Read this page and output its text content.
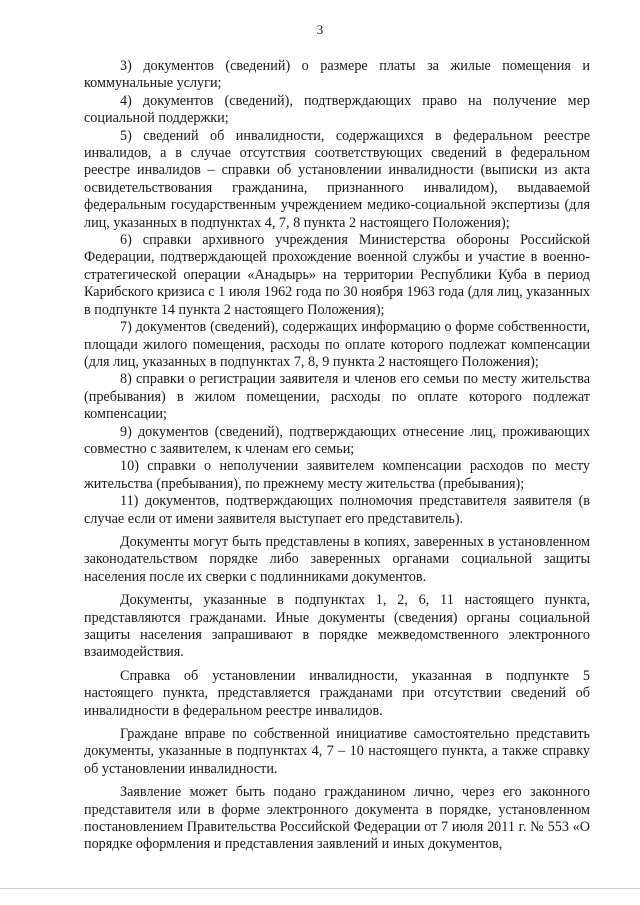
3

3) документов (сведений) о размере платы за жилые помещения и коммунальные услуги;

4) документов (сведений), подтверждающих право на получение мер социальной поддержки;

5) сведений об инвалидности, содержащихся в федеральном реестре инвалидов, а в случае отсутствия соответствующих сведений в федеральном реестре инвалидов – справки об установлении инвалидности (выписки из акта освидетельствования гражданина, признанного инвалидом), выдаваемой федеральным государственным учреждением медико-социальной экспертизы (для лиц, указанных в подпунктах 4, 7, 8 пункта 2 настоящего Положения);

6) справки архивного учреждения Министерства обороны Российской Федерации, подтверждающей прохождение военной службы и участие в военно-стратегической операции «Анадырь» на территории Республики Куба в период Карибского кризиса с 1 июля 1962 года по 30 ноября 1963 года (для лиц, указанных в подпункте 14 пункта 2 настоящего Положения);

7) документов (сведений), содержащих информацию о форме собственности, площади жилого помещения, расходы по оплате которого подлежат компенсации (для лиц, указанных в подпунктах 7, 8, 9 пункта 2 настоящего Положения);

8) справки о регистрации заявителя и членов его семьи по месту жительства (пребывания) в жилом помещении, расходы по оплате которого подлежат компенсации;

9) документов (сведений), подтверждающих отнесение лиц, проживающих совместно с заявителем, к членам его семьи;

10) справки о неполучении заявителем компенсации расходов по месту жительства (пребывания), по прежнему месту жительства (пребывания);

11) документов, подтверждающих полномочия представителя заявителя (в случае если от имени заявителя выступает его представитель).

Документы могут быть представлены в копиях, заверенных в установленном законодательством порядке либо заверенных органами социальной защиты населения после их сверки с подлинниками документов.

Документы, указанные в подпунктах 1, 2, 6, 11 настоящего пункта, представляются гражданами. Иные документы (сведения) органы социальной защиты населения запрашивают в порядке межведомственного электронного взаимодействия.

Справка об установлении инвалидности, указанная в подпункте 5 настоящего пункта, представляется гражданами при отсутствии сведений об инвалидности в федеральном реестре инвалидов.

Граждане вправе по собственной инициативе самостоятельно представить документы, указанные в подпунктах 4, 7 – 10 настоящего пункта, а также справку об установлении инвалидности.

Заявление может быть подано гражданином лично, через его законного представителя или в форме электронного документа в порядке, установленном постановлением Правительства Российской Федерации от 7 июля 2011 г. № 553 «О порядке оформления и представления заявлений и иных документов,
